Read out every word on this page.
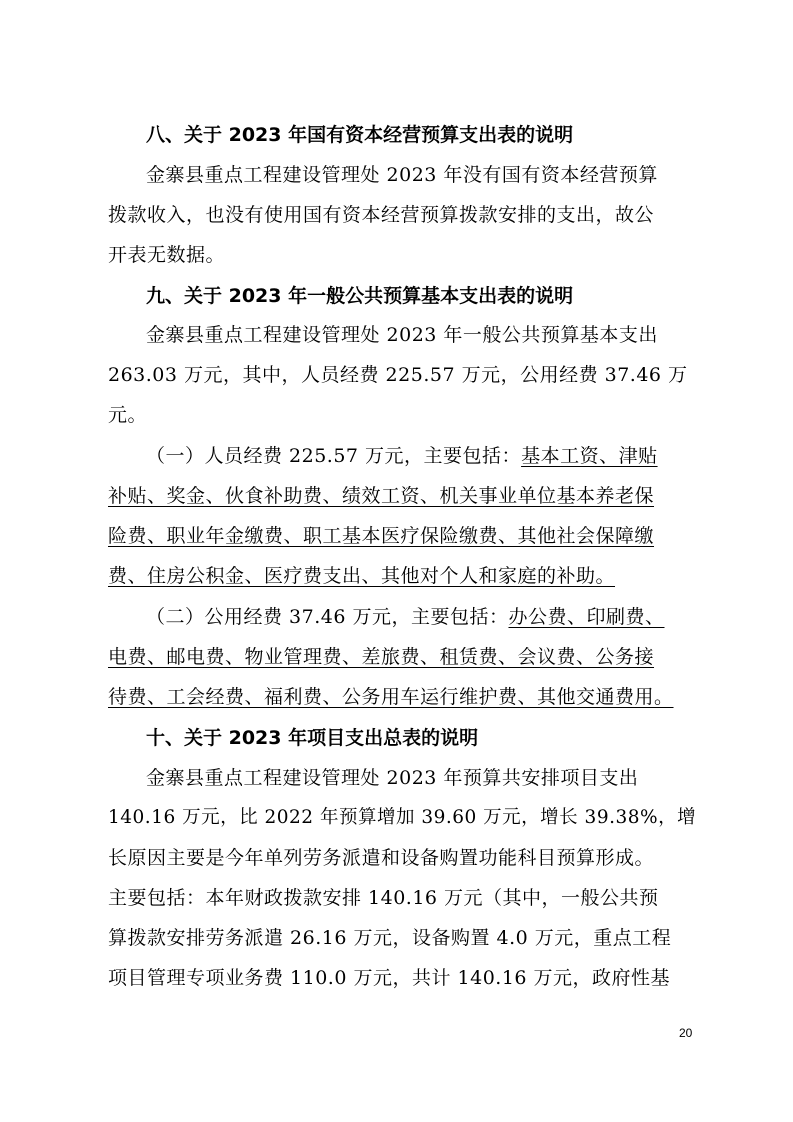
八、关于 2023 年国有资本经营预算支出表的说明
金寨县重点工程建设管理处 2023 年没有国有资本经营预算
拨款收入，也没有使用国有资本经营预算拨款安排的支出，故公
开表无数据。
九、关于 2023 年一般公共预算基本支出表的说明
金寨县重点工程建设管理处 2023 年一般公共预算基本支出
263.03 万元，其中，人员经费 225.57 万元，公用经费 37.46 万
元。
（一）人员经费 225.57 万元，主要包括：基本工资、津贴
补贴、奖金、伙食补助费、绩效工资、机关事业单位基本养老保
险费、职业年金缴费、职工基本医疗保险缴费、其他社会保障缴
费、住房公积金、医疗费支出、其他对个人和家庭的补助。
（二）公用经费 37.46 万元，主要包括：办公费、印刷费、
电费、邮电费、物业管理费、差旅费、租赁费、会议费、公务接
待费、工会经费、福利费、公务用车运行维护费、其他交通费用。
十、关于 2023 年项目支出总表的说明
金寨县重点工程建设管理处 2023 年预算共安排项目支出
140.16 万元，比 2022 年预算增加 39.60 万元，增长 39.38%，增
长原因主要是今年单列劳务派遣和设备购置功能科目预算形成。
主要包括：本年财政拨款安排 140.16 万元（其中，一般公共预
算拨款安排劳务派遣 26.16 万元，设备购置 4.0 万元，重点工程
项目管理专项业务费 110.0 万元，共计 140.16 万元，政府性基
20
